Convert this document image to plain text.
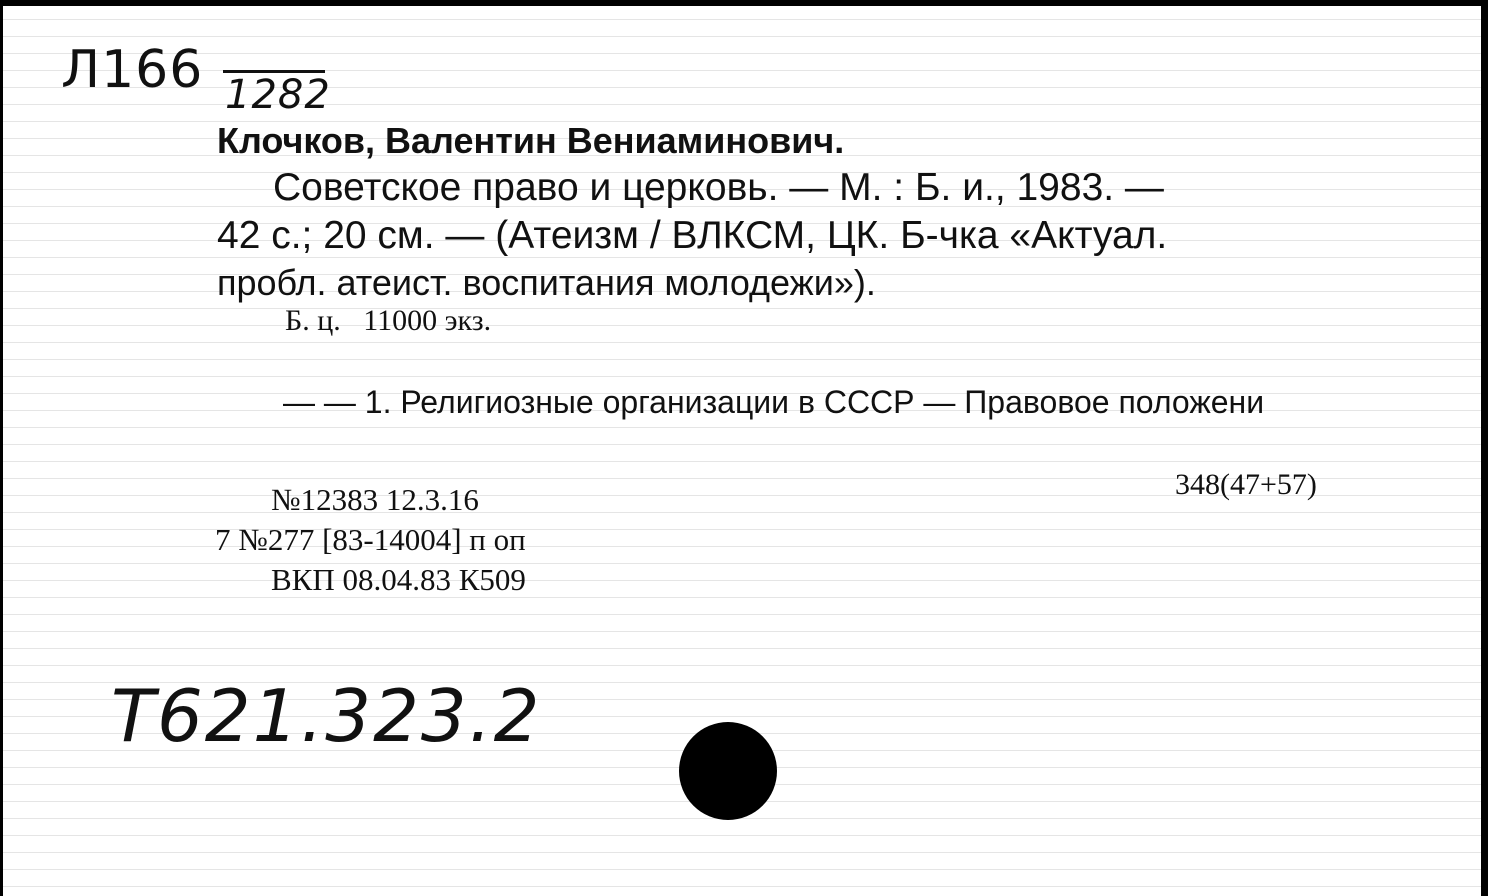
Л166 1282
Клочков, Валентин Вениаминович.
Советское право и церковь. — М. : Б. и., 1983. —
42 с.; 20 см. — (Атеизм / ВЛКСМ, ЦК. Б-чка «Актуал.
пробл. атеист. воспитания молодежи»).
Б. ц.   11000 экз.
— — 1. Религиозные организации в СССР — Правовое положени
348(47+57)
№12383 12.3.16
7 №277 [83-14004] п оп
ВКП 08.04.83 К509
Т621.323.2
